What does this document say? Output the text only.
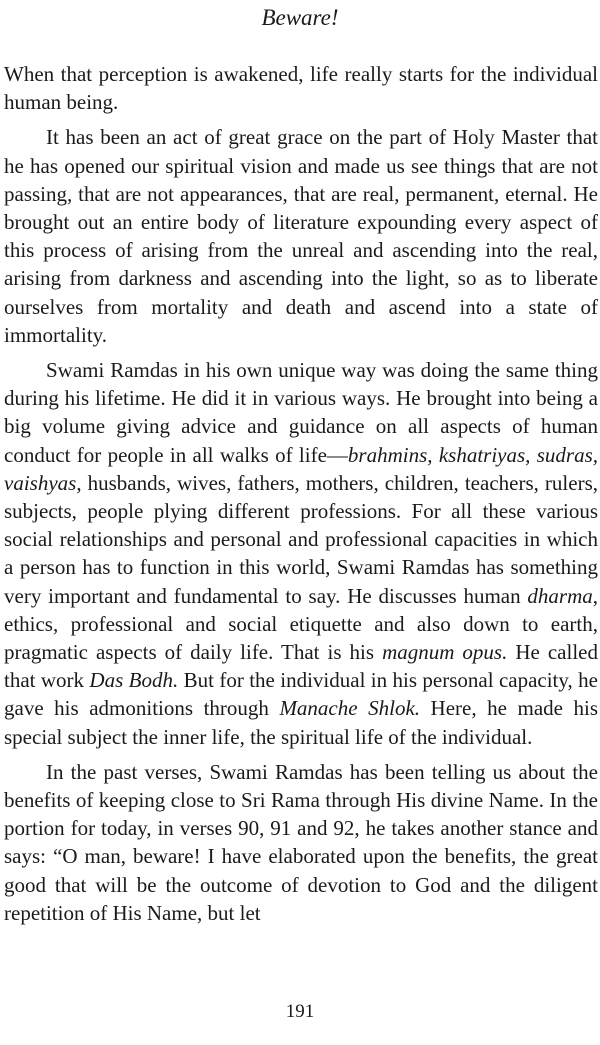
Beware!

When that perception is awakened, life really starts for the individual human being.

It has been an act of great grace on the part of Holy Master that he has opened our spiritual vision and made us see things that are not passing, that are not appearances, that are real, permanent, eternal. He brought out an entire body of literature expounding every aspect of this process of arising from the unreal and ascending into the real, arising from darkness and ascending into the light, so as to liberate ourselves from mortality and death and ascend into a state of immortality.

Swami Ramdas in his own unique way was doing the same thing during his lifetime. He did it in various ways. He brought into being a big volume giving advice and guidance on all aspects of human conduct for people in all walks of life—brahmins, kshatriyas, sudras, vaishyas, husbands, wives, fathers, mothers, children, teachers, rulers, subjects, people plying different professions. For all these various social relationships and personal and professional capacities in which a person has to function in this world, Swami Ramdas has something very important and fundamental to say. He discusses human dharma, ethics, professional and social etiquette and also down to earth, pragmatic aspects of daily life. That is his magnum opus. He called that work Das Bodh. But for the individual in his personal capacity, he gave his admonitions through Manache Shlok. Here, he made his special subject the inner life, the spiritual life of the individual.

In the past verses, Swami Ramdas has been telling us about the benefits of keeping close to Sri Rama through His divine Name. In the portion for today, in verses 90, 91 and 92, he takes another stance and says: “O man, beware! I have elaborated upon the benefits, the great good that will be the outcome of devotion to God and the diligent repetition of His Name, but let

191
